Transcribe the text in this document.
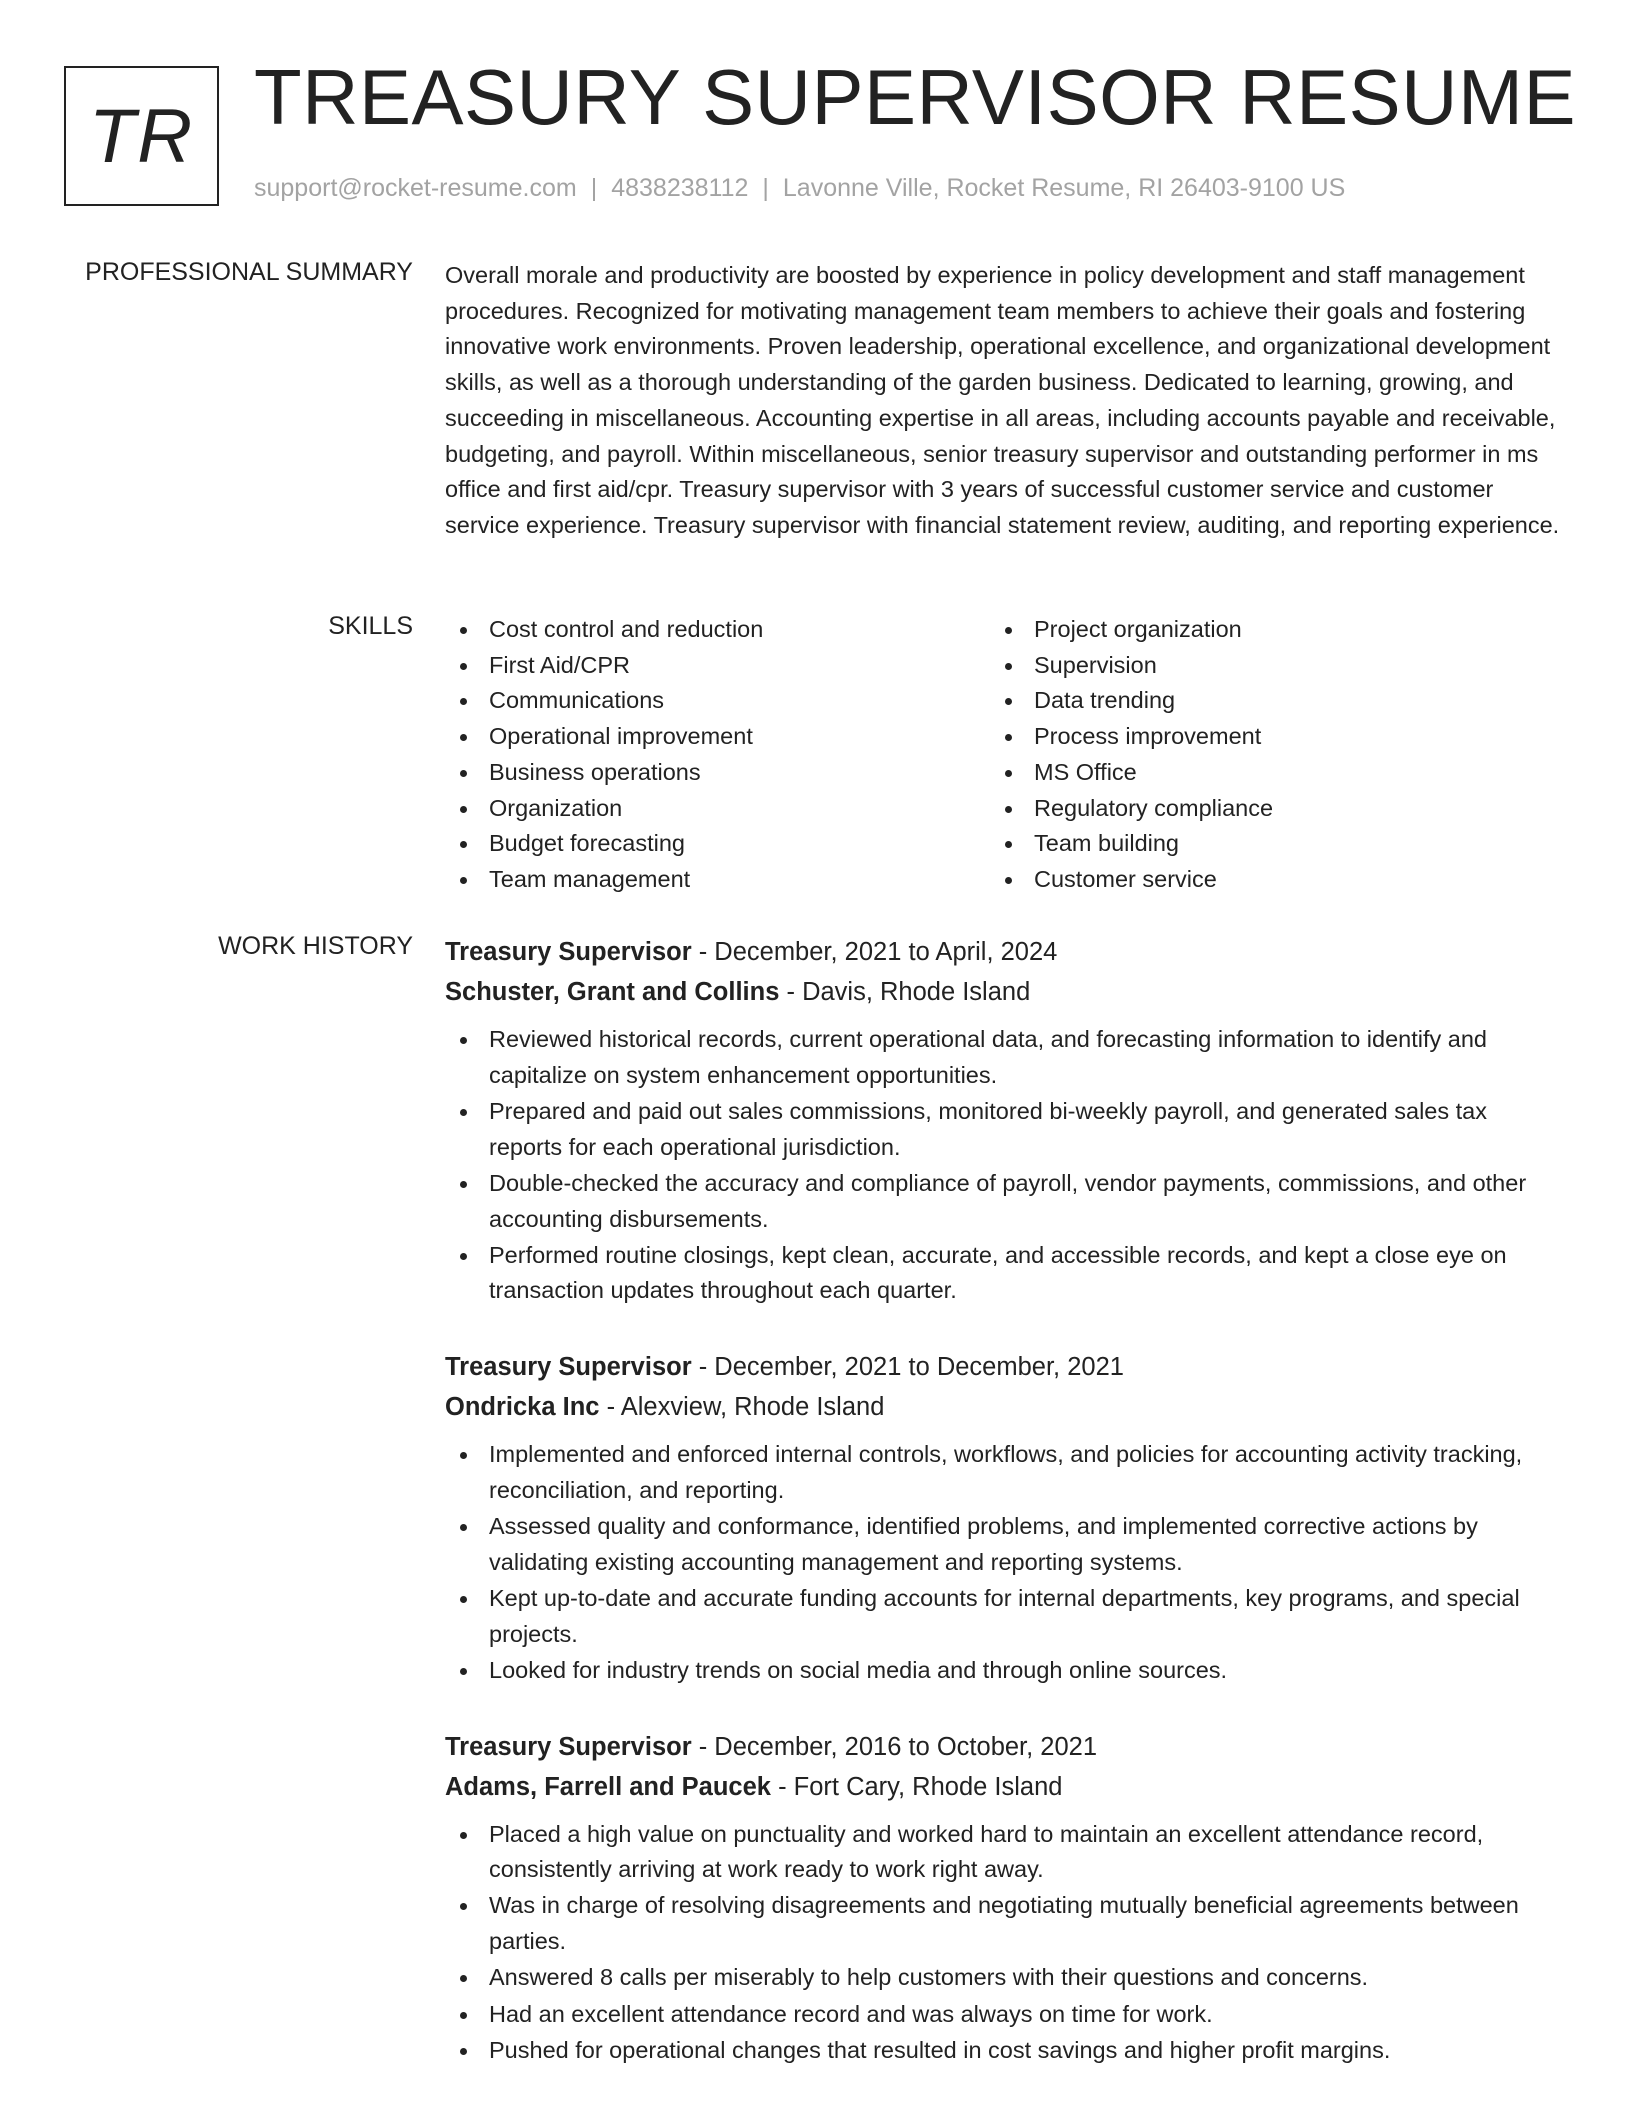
TR TREASURY SUPERVISOR RESUME
support@rocket-resume.com | 4838238112 | Lavonne Ville, Rocket Resume, RI 26403-9100 US
PROFESSIONAL SUMMARY Overall morale and productivity are boosted by experience in policy development and staff management procedures. Recognized for motivating management team members to achieve their goals and fostering innovative work environments. Proven leadership, operational excellence, and organizational development skills, as well as a thorough understanding of the garden business. Dedicated to learning, growing, and succeeding in miscellaneous. Accounting expertise in all areas, including accounts payable and receivable, budgeting, and payroll. Within miscellaneous, senior treasury supervisor and outstanding performer in ms office and first aid/cpr. Treasury supervisor with 3 years of successful customer service and customer service experience. Treasury supervisor with financial statement review, auditing, and reporting experience.
SKILLS	Cost control and reduction
First Aid/CPR
Communications
Operational improvement
Business operations
Organization
Budget forecasting
Team management
Project organization
Supervision
Data trending
Process improvement
MS Office
Regulatory compliance
Team building
Customer service
WORK HISTORY Treasury Supervisor - December, 2021 to April, 2024
Schuster, Grant and Collins - Davis, Rhode Island
Reviewed historical records, current operational data, and forecasting information to identify and capitalize on system enhancement opportunities.
Prepared and paid out sales commissions, monitored bi-weekly payroll, and generated sales tax reports for each operational jurisdiction.
Double-checked the accuracy and compliance of payroll, vendor payments, commissions, and other accounting disbursements.
Performed routine closings, kept clean, accurate, and accessible records, and kept a close eye on transaction updates throughout each quarter.
Treasury Supervisor - December, 2021 to December, 2021
Ondricka Inc - Alexview, Rhode Island
Implemented and enforced internal controls, workflows, and policies for accounting activity tracking, reconciliation, and reporting.
Assessed quality and conformance, identified problems, and implemented corrective actions by validating existing accounting management and reporting systems.
Kept up-to-date and accurate funding accounts for internal departments, key programs, and special projects.
Looked for industry trends on social media and through online sources.
Treasury Supervisor - December, 2016 to October, 2021
Adams, Farrell and Paucek - Fort Cary, Rhode Island
Placed a high value on punctuality and worked hard to maintain an excellent attendance record, consistently arriving at work ready to work right away.
Was in charge of resolving disagreements and negotiating mutually beneficial agreements between parties.
Answered 8 calls per miserably to help customers with their questions and concerns.
Had an excellent attendance record and was always on time for work.
Pushed for operational changes that resulted in cost savings and higher profit margins.
